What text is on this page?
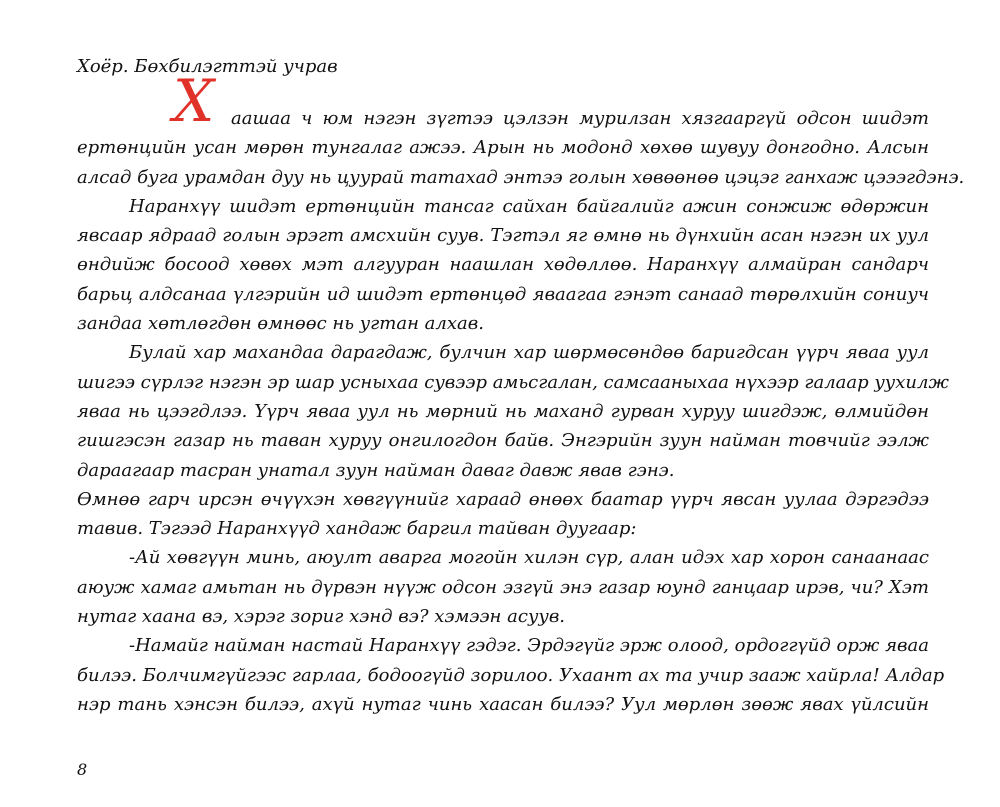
Хоёр. Бөхбилэгттэй учрав
Х аашаа ч юм нэгэн зүгтээ цэлзэн мурилзан хязгааргүй одсон шидэт
ертөнцийн усан мөрөн тунгалаг ажээ. Арын нь модонд хөхөө шувуу донгодно. Алсын
алсад буга урамдан дуу нь цуурай татахад энтээ голын хөвөөнөө цэцэг ганхаж цэээгдэнэ.
Наранхүү шидэт ертөнцийн тансаг сайхан байгалийг ажин сонжиж өдөржин
явсаар ядраад голын эрэгт амсхийн суув. Тэгтэл яг өмнө нь дүнхийн асан нэгэн их уул
өндийж босоод хөвөх мэт алгууран наашлан хөдөллөө. Наранхүү алмайран сандарч
барьц алдсанаа үлгэрийн ид шидэт ертөнцөд яваагаа гэнэт санаад төрөлхийн сониуч
зандаа хөтлөгдөн өмнөөс нь угтан алхав.
Булай хар махандаа дарагдаж, булчин хар шөрмөсөндөө баригдсан үүрч яваа уул
шигээ сүрлэг нэгэн эр шар усныхаа сувээр амьсгалан, самсааныхаа нүхээр галаар уухилж
яваа нь цээгдлээ. Үүрч яваа уул нь мөрний нь маханд гурван хуруу шигдэж, өлмийдөн
гишгэсэн газар нь таван хуруу онгилогдон байв. Энгэрийн зуун найман товчийг ээлж
дараагаар тасран унатал зуун найман даваг давж явав гэнэ.
Өмнөө гарч ирсэн өчүүхэн хөвгүүнийг хараад өнөөх баатар үүрч явсан уулаа дэргэдээ
тавив. Тэгээд Наранхүүд хандаж баргил тайван дуугаар:
-Ай хөвгүүн минь, аюулт аварга могойн хилэн сүр, алан идэх хар хорон санаанаас
аюуж хамаг амьтан нь дүрвэн нүүж одсон эзгүй энэ газар юунд ганцаар ирэв, чи? Хэт
нутаг хаана вэ, хэрэг зориг хэнд вэ? хэмээн асуув.
-Намайг найман настай Наранхүү гэдэг. Эрдэгүйг эрж олоод, ордоггүйд орж яваа
билээ. Болчимгүйгээс гарлаа, бодоогүйд зорилоо. Ухаант ах та учир зааж хайрла! Алдар
нэр тань хэнсэн билээ, ахүй нутаг чинь хаасан билээ? Уул мөрлөн зөөж явах үйлсийн
8
